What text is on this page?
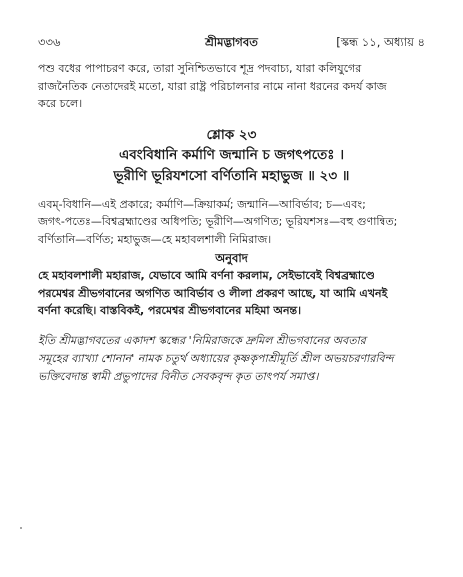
৩৩৬	শ্রীমদ্ভাগবত	[স্কন্ধ ১১, অধ্যায় ৪

পশু বধের পাপাচরণ করে, তারা সুনিশ্চিতভাবে শূদ্র পদবাচ্য, যারা কলিযুগের
রাজনৈতিক নেতাদেরই মতো, যারা রাষ্ট্র পরিচালনার নামে নানা ধরনের কদর্য কাজ
করে চলে।

শ্লোক ২৩
এবংবিধানি কর্মাণি জন্মানি চ জগৎপতেঃ ।
ভূরীণি ভূরিযশসো বর্ণিতানি মহাভুজ ॥ ২৩ ॥

এবম্‌-বিধানি—এই প্রকারে; কর্মাণি—ক্রিয়াকর্ম; জন্মানি—আবির্ভাব; চ—এবং;
জগৎ-পতেঃ—বিশ্বব্রহ্মাণ্ডের অধিপতি; ভূরীণি—অগণিত; ভূরিযশসঃ—বহু গুণান্বিত;
বর্ণিতানি—বর্ণিত; মহাভুজ—হে মহাবলশালী নিমিরাজ।

অনুবাদ

হে মহাবলশালী মহারাজ, যেভাবে আমি বর্ণনা করলাম, সেইভাবেই বিশ্বব্রহ্মাণ্ডে
পরমেশ্বর শ্রীভগবানের অগণিত আবির্ভাব ও লীলা প্রকরণ আছে, যা আমি এখনই
বর্ণনা করেছি। বাস্তবিকই, পরমেশ্বর শ্রীভগবানের মহিমা অনন্ত।

ইতি শ্রীমদ্ভাগবতের একাদশ স্কন্ধের 'নিমিরাজকে দ্রুমিল শ্রীভগবানের অবতার
সমূহের ব্যাখ্যা শোনান' নামক চতুর্থ অধ্যায়ের কৃষ্ণকৃপাশ্রীমূর্তি শ্রীল অভয়চরণারবিন্দ
ভক্তিবেদান্ত স্বামী প্রভুপাদের বিনীত সেবকবৃন্দ কৃত তাৎপর্য সমাপ্ত।
